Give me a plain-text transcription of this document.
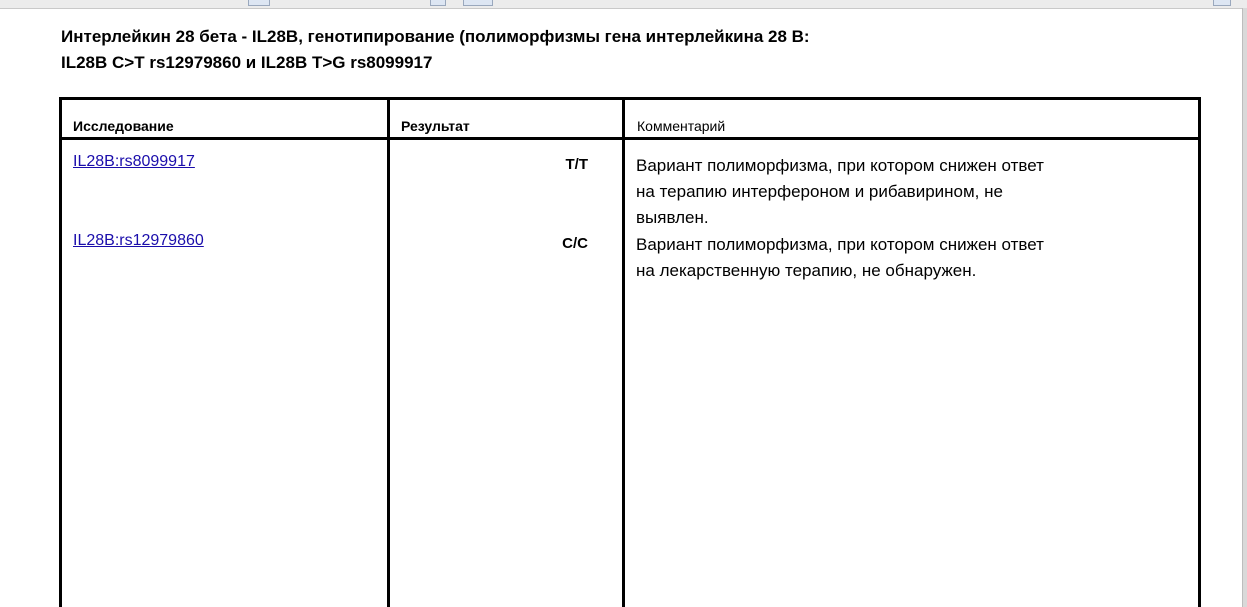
Интерлейкин 28 бета - IL28B, генотипирование (полиморфизмы гена интерлейкина 28 B:
IL28B C>T rs12979860 и IL28B T>G rs8099917
Исследование	Результат	Комментарий
IL28B:rs8099917	T/T	Вариант полиморфизма, при котором снижен ответ
на терапию интерфероном и рибавирином, не
выявлен.
IL28B:rs12979860	C/C	Вариант полиморфизма, при котором снижен ответ
на лекарственную терапию, не обнаружен.
